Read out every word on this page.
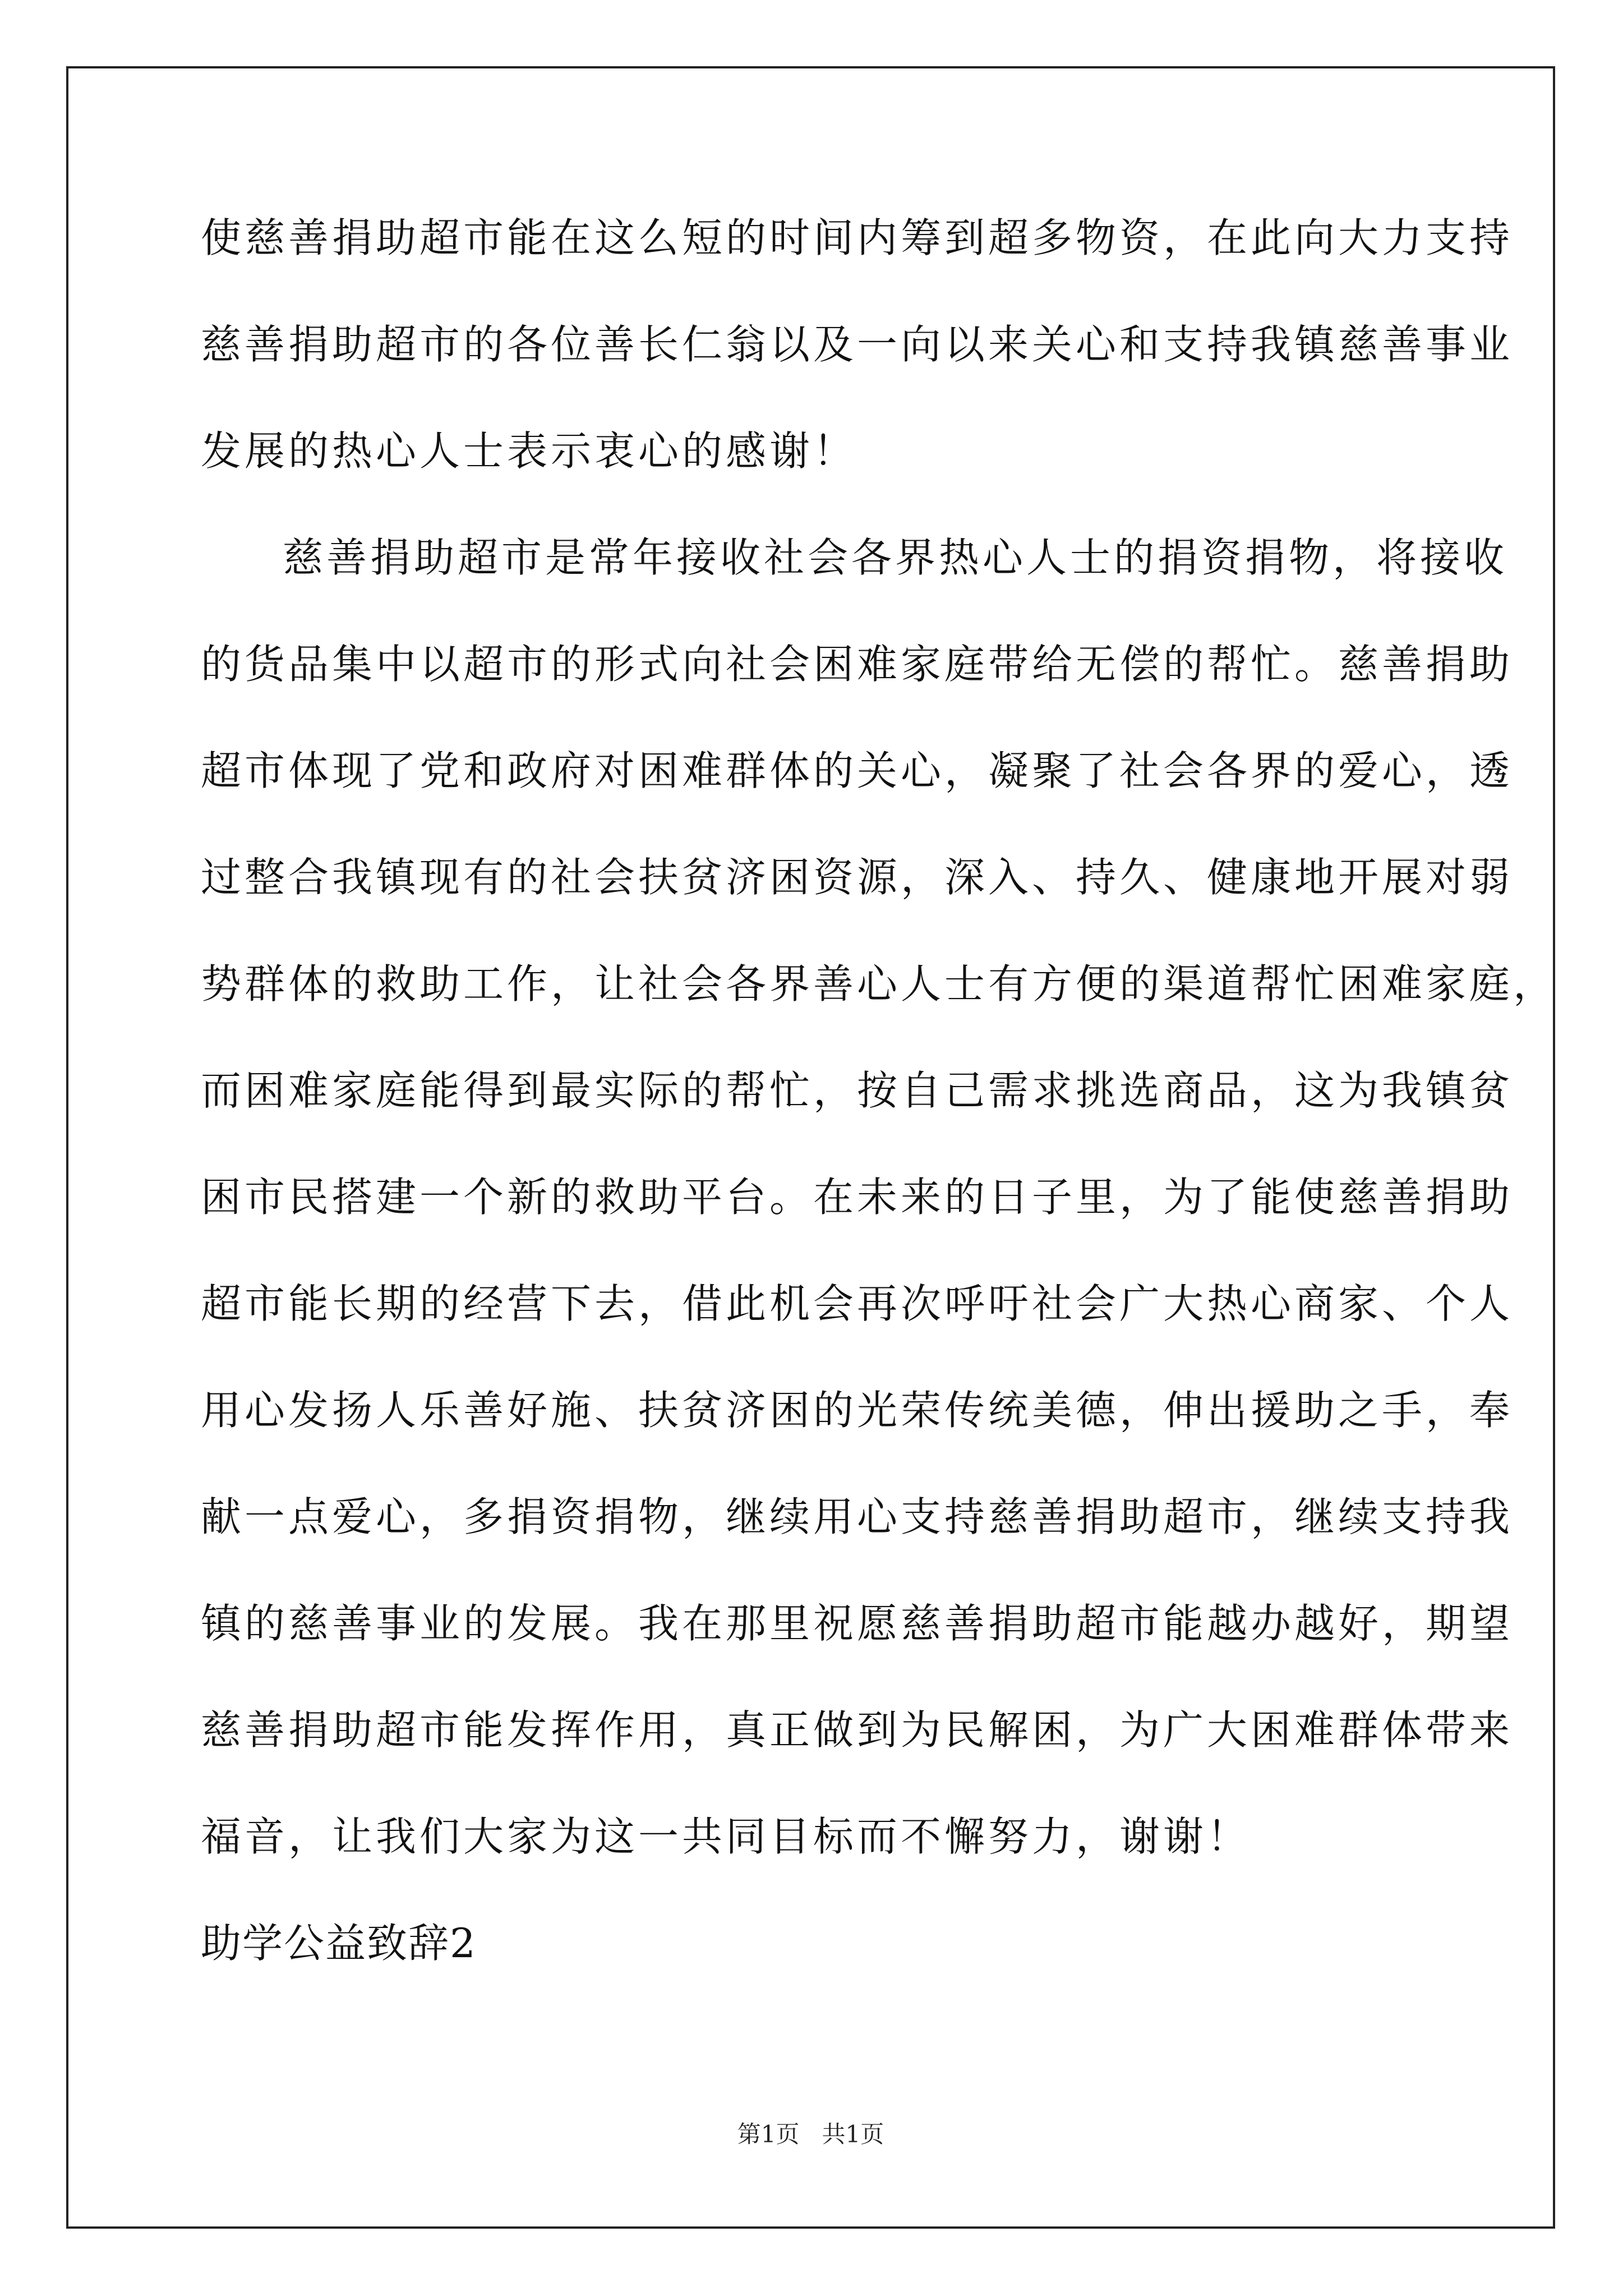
使慈善捐助超市能在这么短的时间内筹到超多物资，在此向大力支持

慈善捐助超市的各位善长仁翁以及一向以来关心和支持我镇慈善事业

发展的热心人士表示衷心的感谢！

慈善捐助超市是常年接收社会各界热心人士的捐资捐物，将接收

的货品集中以超市的形式向社会困难家庭带给无偿的帮忙。慈善捐助

超市体现了党和政府对困难群体的关心，凝聚了社会各界的爱心，透

过整合我镇现有的社会扶贫济困资源，深入、持久、健康地开展对弱

势群体的救助工作，让社会各界善心人士有方便的渠道帮忙困难家庭，

而困难家庭能得到最实际的帮忙，按自己需求挑选商品，这为我镇贫

困市民搭建一个新的救助平台。在未来的日子里，为了能使慈善捐助

超市能长期的经营下去，借此机会再次呼吁社会广大热心商家、个人

用心发扬人乐善好施、扶贫济困的光荣传统美德，伸出援助之手，奉

献一点爱心，多捐资捐物，继续用心支持慈善捐助超市，继续支持我

镇的慈善事业的发展。我在那里祝愿慈善捐助超市能越办越好，期望

慈善捐助超市能发挥作用，真正做到为民解困，为广大困难群体带来

福音，让我们大家为这一共同目标而不懈努力，谢谢！

助学公益致辞2

第1页 共1页
